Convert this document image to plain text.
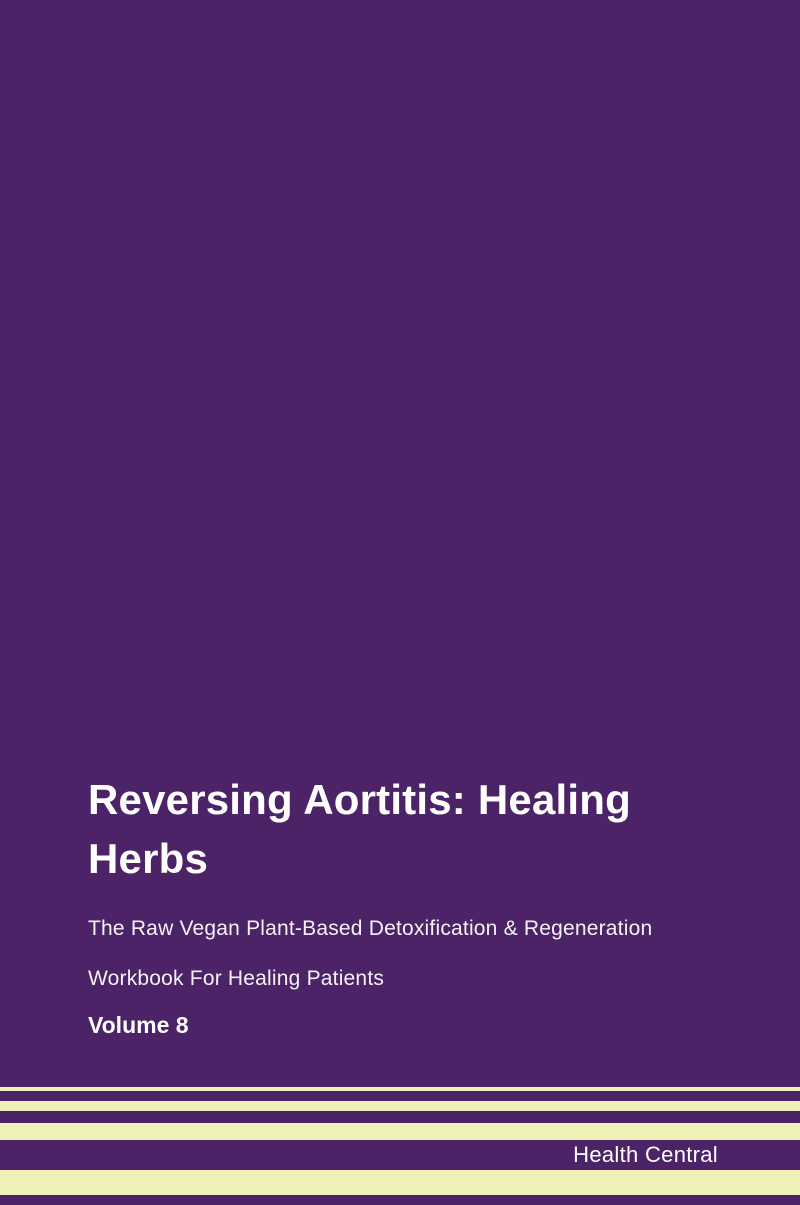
Reversing Aortitis: Healing
Herbs

The Raw Vegan Plant-Based Detoxification & Regeneration

Workbook For Healing Patients

Volume 8

Health Central
